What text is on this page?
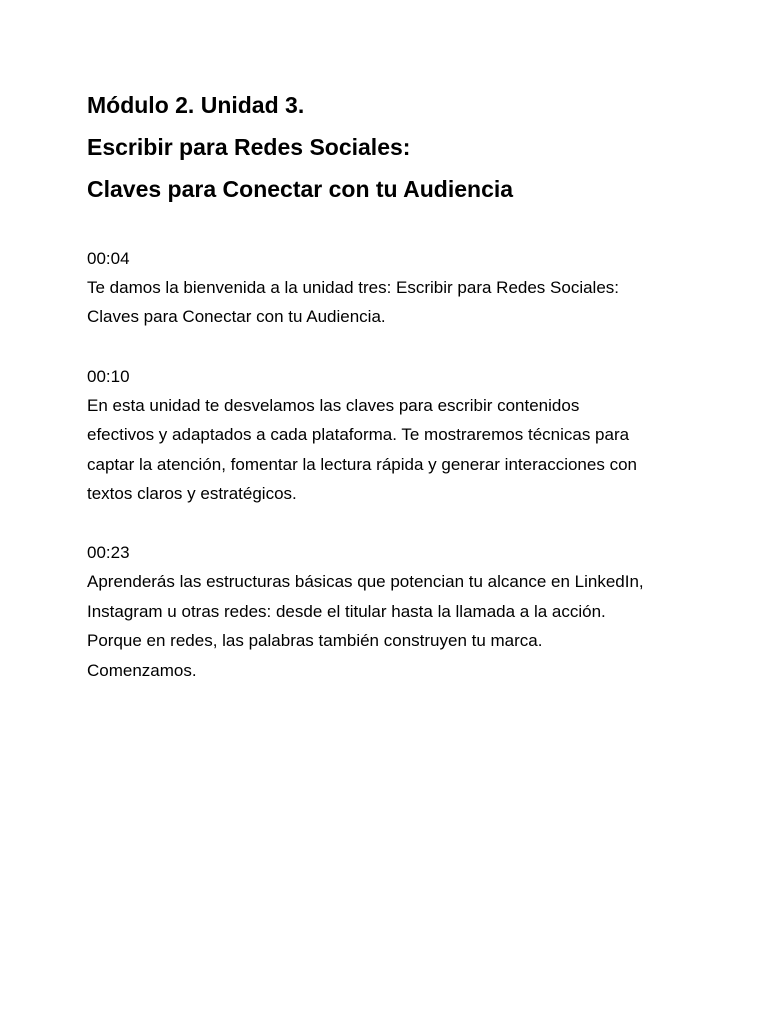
Módulo 2. Unidad 3.
Escribir para Redes Sociales:
Claves para Conectar con tu Audiencia

00:04

Te damos la bienvenida a la unidad tres: Escribir para Redes Sociales:
Claves para Conectar con tu Audiencia.

00:10

En esta unidad te desvelamos las claves para escribir contenidos
efectivos y adaptados a cada plataforma. Te mostraremos técnicas para
captar la atención, fomentar la lectura rápida y generar interacciones con
textos claros y estratégicos.

00:23

Aprenderás las estructuras básicas que potencian tu alcance en LinkedIn,
Instagram u otras redes: desde el titular hasta la llamada a la acción.
Porque en redes, las palabras también construyen tu marca.
Comenzamos.
